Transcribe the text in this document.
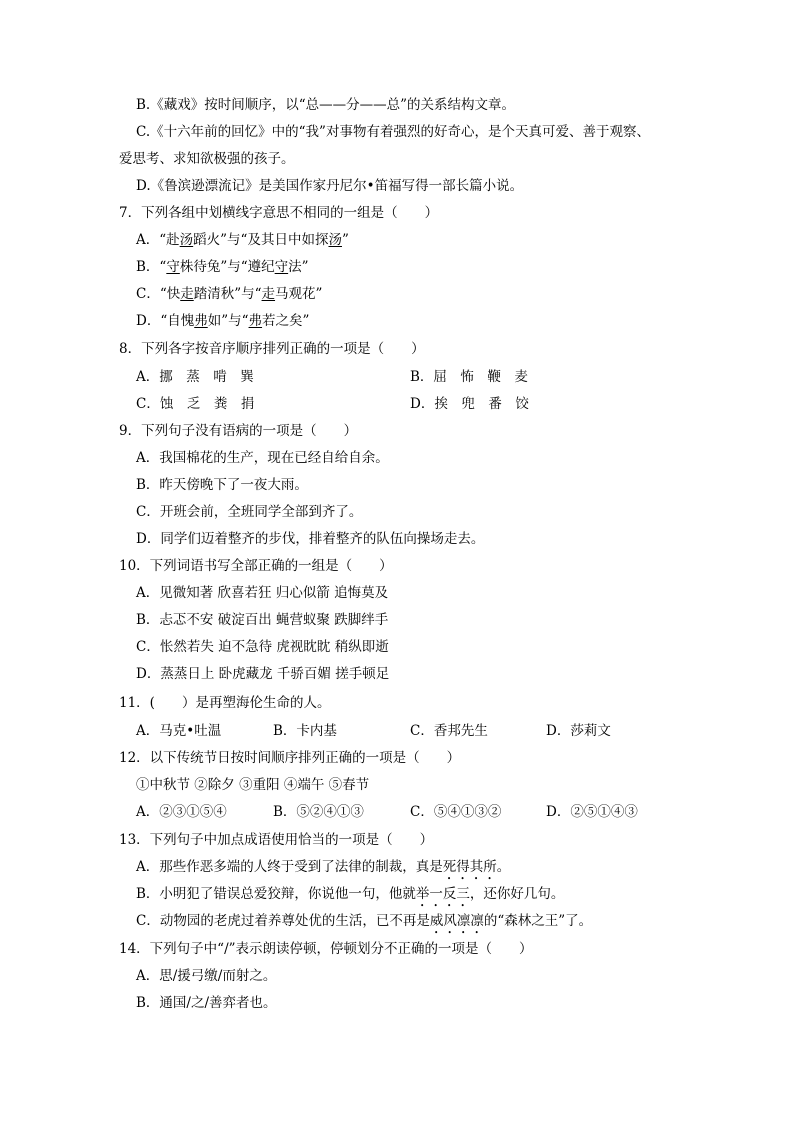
B.《藏戏》按时间顺序，以“总——分——总”的关系结构文章。
C.《十六年前的回忆》中的“我”对事物有着强烈的好奇心，是个天真可爱、善于观察、
爱思考、求知欲极强的孩子。
D.《鲁滨逊漂流记》是美国作家丹尼尔•笛福写得一部长篇小说。
7．下列各组中划横线字意思不相同的一组是（　　）
A．“赴汤蹈火”与“及其日中如探汤”
B．“守株待兔”与“遵纪守法”
C．“快走踏清秋”与“走马观花”
D．“自愧弗如”与“弗若之矣”
8．下列各字按音序顺序排列正确的一项是（　　）
A．挪　蒸　啃　巽	B．屈　怖　鞭　麦
C．蚀　乏　粪　捐	D．挨　兜　番　饺
9．下列句子没有语病的一项是（　　）
A．我国棉花的生产，现在已经自给自余。
B．昨天傍晚下了一夜大雨。
C．开班会前，全班同学全部到齐了。
D．同学们迈着整齐的步伐，排着整齐的队伍向操场走去。
10．下列词语书写全部正确的一组是（　　）
A．见微知著 欣喜若狂 归心似箭 追悔莫及
B．忐忑不安 破淀百出 蝇营蚁聚 跌脚绊手
C．怅然若失 迫不急待 虎视眈眈 稍纵即逝
D．蒸蒸日上 卧虎藏龙 千骄百媚 搓手顿足
11．(　　）是再塑海伦生命的人。
A．马克•吐温	B．卡内基	C．香邦先生	D．莎莉文
12．以下传统节日按时间顺序排列正确的一项是（　　）
①中秋节 ②除夕 ③重阳 ④端午 ⑤春节
A．②③①⑤④	B．⑤②④①③	C．⑤④①③②	D．②⑤①④③
13．下列句子中加点成语使用恰当的一项是（　　）
A．那些作恶多端的人终于受到了法律的制裁，真是死得其所。
B．小明犯了错误总爱狡辩，你说他一句，他就举一反三，还你好几句。
C．动物园的老虎过着养尊处优的生活，已不再是威风凛凛的“森林之王”了。
14．下列句子中“/”表示朗读停顿，停顿划分不正确的一项是（　　）
A．思/援弓缴/而射之。
B．通国/之/善弈者也。
